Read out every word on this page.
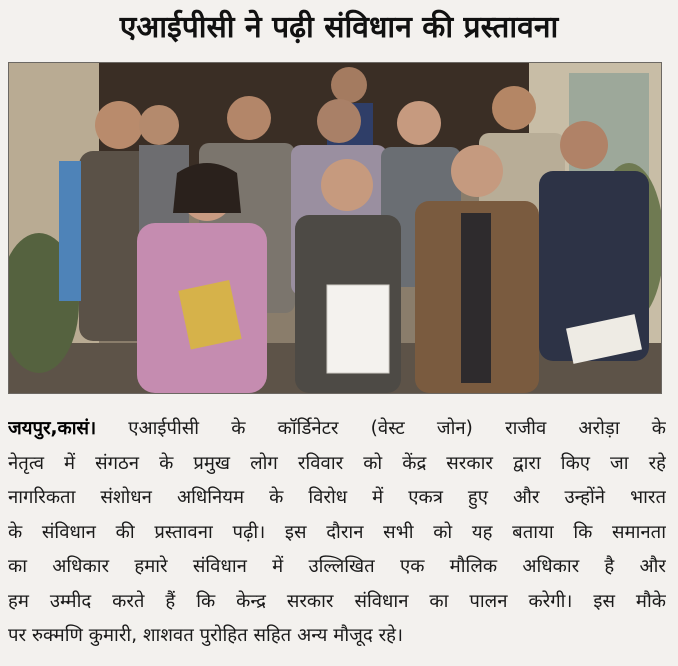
एआईपीसी ने पढ़ी संविधान की प्रस्तावना
जयपुर,कासं। एआईपीसी के कॉर्डिनेटर (वेस्ट जोन) राजीव अरोड़ा के
नेतृत्व में संगठन के प्रमुख लोग रविवार को केंद्र सरकार द्वारा किए जा रहे
नागरिकता संशोधन अधिनियम के विरोध में एकत्र हुए और उन्होंने भारत
के संविधान की प्रस्तावना पढ़ी। इस दौरान सभी को यह बताया कि समानता
का अधिकार हमारे संविधान में उल्लिखित एक मौलिक अधिकार है और
हम उम्मीद करते हैं कि केन्द्र सरकार संविधान का पालन करेगी। इस मौके
पर रुक्मणि कुमारी, शाशवत पुरोहित सहित अन्य मौजूद रहे।
